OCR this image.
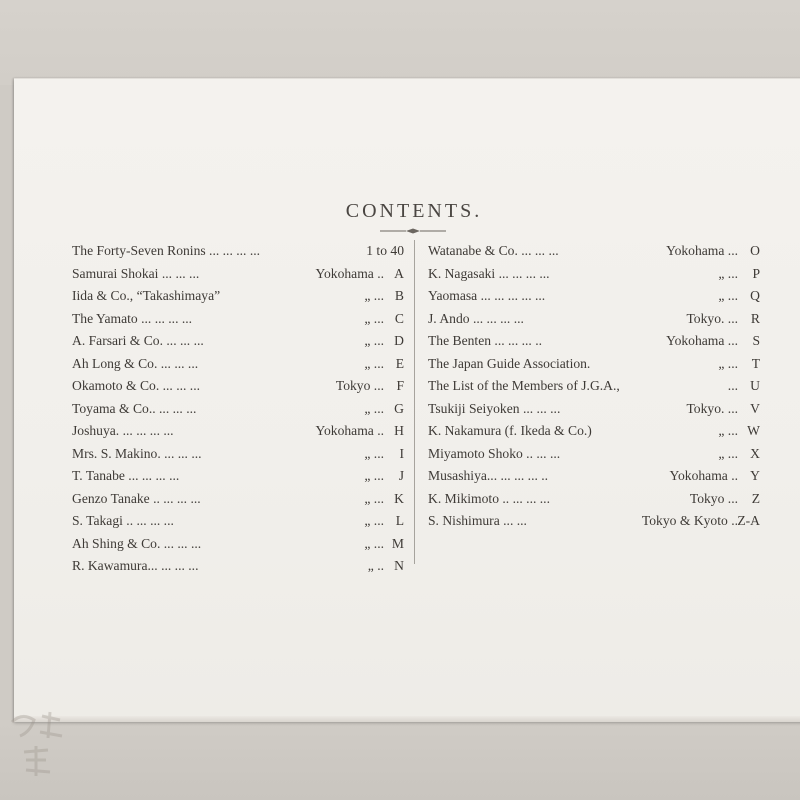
CONTENTS.
The Forty-Seven Ronins ... ... ... ...	1 to 40
Samurai Shokai ... ... ...	Yokohama .. A
Iida & Co., “Takashimaya”	„ ... B
The Yamato ... ... ... ...	„ ... C
A. Farsari & Co. ... ... ...	„ ... D
Ah Long & Co. ... ... ...	„ ... E
Okamoto & Co. ... ... ...	Tokyo ... F
Toyama & Co.. ... ... ...	„ ... G
Joshuya. ... ... ... ...	Yokohama .. H
Mrs. S. Makino. ... ... ...	„ ... I
T. Tanabe ... ... ... ...	„ ... J
Genzo Tanake .. ... ... ...	„ ... K
S. Takagi .. ... ... ...	„ ... L
Ah Shing & Co. ... ... ...	„ ... M
R. Kawamura... ... ... ...	„ .. N
Watanabe & Co. ... ... ...	Yokohama ... O
K. Nagasaki ... ... ... ...	„ ... P
Yaomasa ... ... ... ... ...	„ ... Q
J. Ando ... ... ... ...	Tokyo. ... R
The Benten ... ... ... ..	Yokohama ... S
The Japan Guide Association.	„ ... T
The List of the Members of J.G.A.,	... U
Tsukiji Seiyoken ... ... ...	Tokyo. ... V
K. Nakamura (f. Ikeda & Co.)	„ ... W
Miyamoto Shoko .. ... ...	„ ... X
Musashiya... ... ... ... ..	Yokohama .. Y
K. Mikimoto .. ... ... ...	Tokyo ... Z
S. Nishimura ... ...	Tokyo & Kyoto .. Z-A
